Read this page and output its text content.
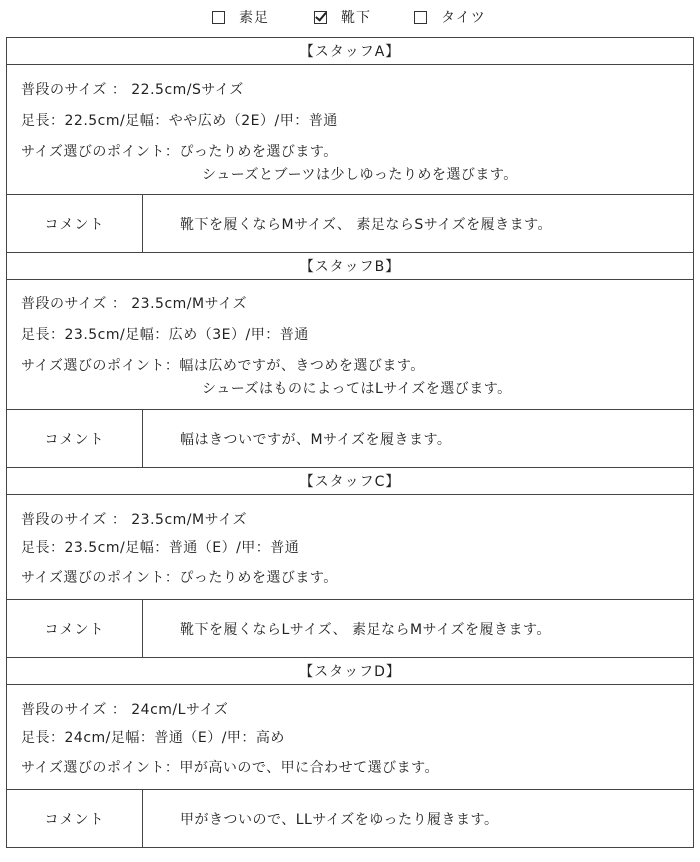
素足	靴下	タイツ
【スタッフA】
普段のサイズ ： 22.5cm/Sサイズ
足長：22.5cm/足幅：やや広め（2E）/甲：普通
サイズ選びのポイント：ぴったりめを選びます。
シューズとブーツは少しゆったりめを選びます。
コメント	靴下を履くならMサイズ、 素足ならSサイズを履きます。
【スタッフB】
普段のサイズ ： 23.5cm/Mサイズ
足長：23.5cm/足幅：広め（3E）/甲：普通
サイズ選びのポイント：幅は広めですが、きつめを選びます。
シューズはものによってはLサイズを選びます。
コメント	幅はきついですが、Mサイズを履きます。
【スタッフC】
普段のサイズ ： 23.5cm/Mサイズ
足長：23.5cm/足幅：普通（E）/甲：普通
サイズ選びのポイント：ぴったりめを選びます。
コメント	靴下を履くならLサイズ、 素足ならMサイズを履きます。
【スタッフD】
普段のサイズ ： 24cm/Lサイズ
足長：24cm/足幅：普通（E）/甲：高め
サイズ選びのポイント：甲が高いので、甲に合わせて選びます。
コメント	甲がきついので、LLサイズをゆったり履きます。
